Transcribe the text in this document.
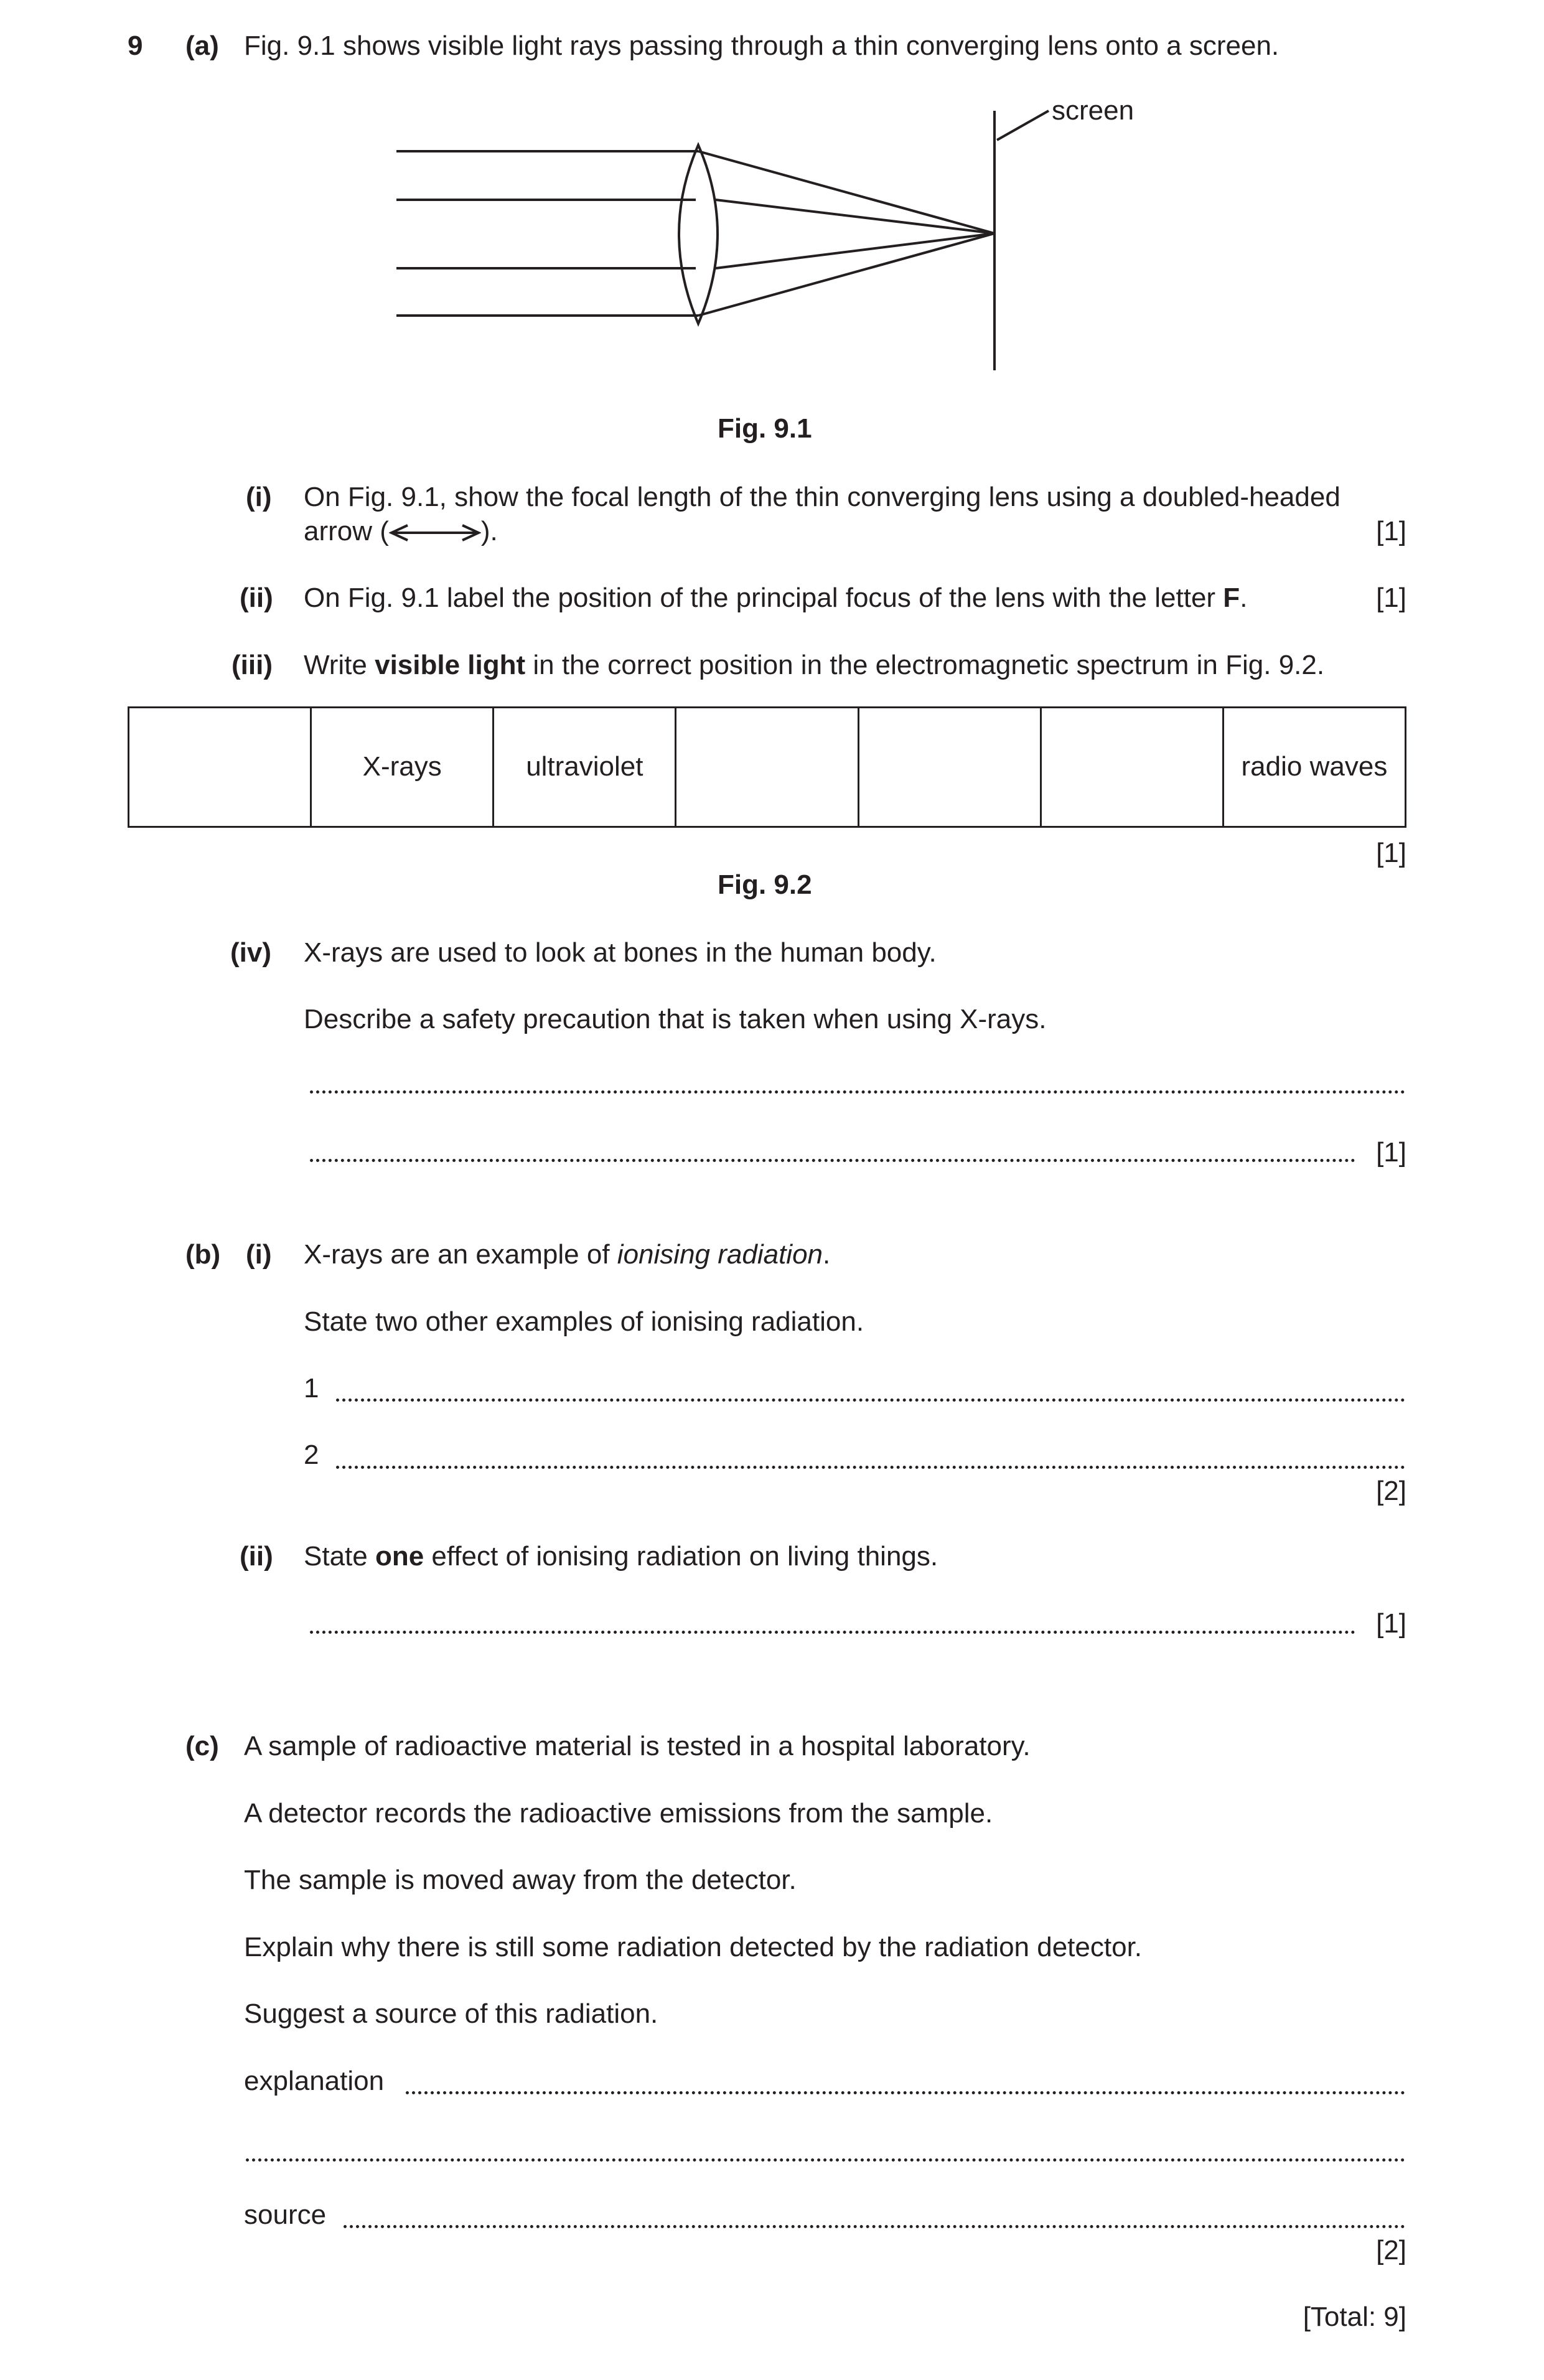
9 (a) Fig. 9.1 shows visible light rays passing through a thin converging lens onto a screen.
screen
Fig. 9.1
(i) On Fig. 9.1, show the focal length of the thin converging lens using a doubled-headed
arrow (	).	[1]
(ii) On Fig. 9.1 label the position of the principal focus of the lens with the letter F.	[1]
(iii) Write visible light in the correct position in the electromagnetic spectrum in Fig. 9.2.
	X-rays	ultraviolet				radio waves
[1]
Fig. 9.2
(iv) X-rays are used to look at bones in the human body.
Describe a safety precaution that is taken when using X-rays.
[1]
(b) (i) X-rays are an example of ionising radiation.
State two other examples of ionising radiation.
1
2
[2]
(ii) State one effect of ionising radiation on living things.
[1]
(c) A sample of radioactive material is tested in a hospital laboratory.
A detector records the radioactive emissions from the sample.
The sample is moved away from the detector.
Explain why there is still some radiation detected by the radiation detector.
Suggest a source of this radiation.
explanation
source
[2]
[Total: 9]
